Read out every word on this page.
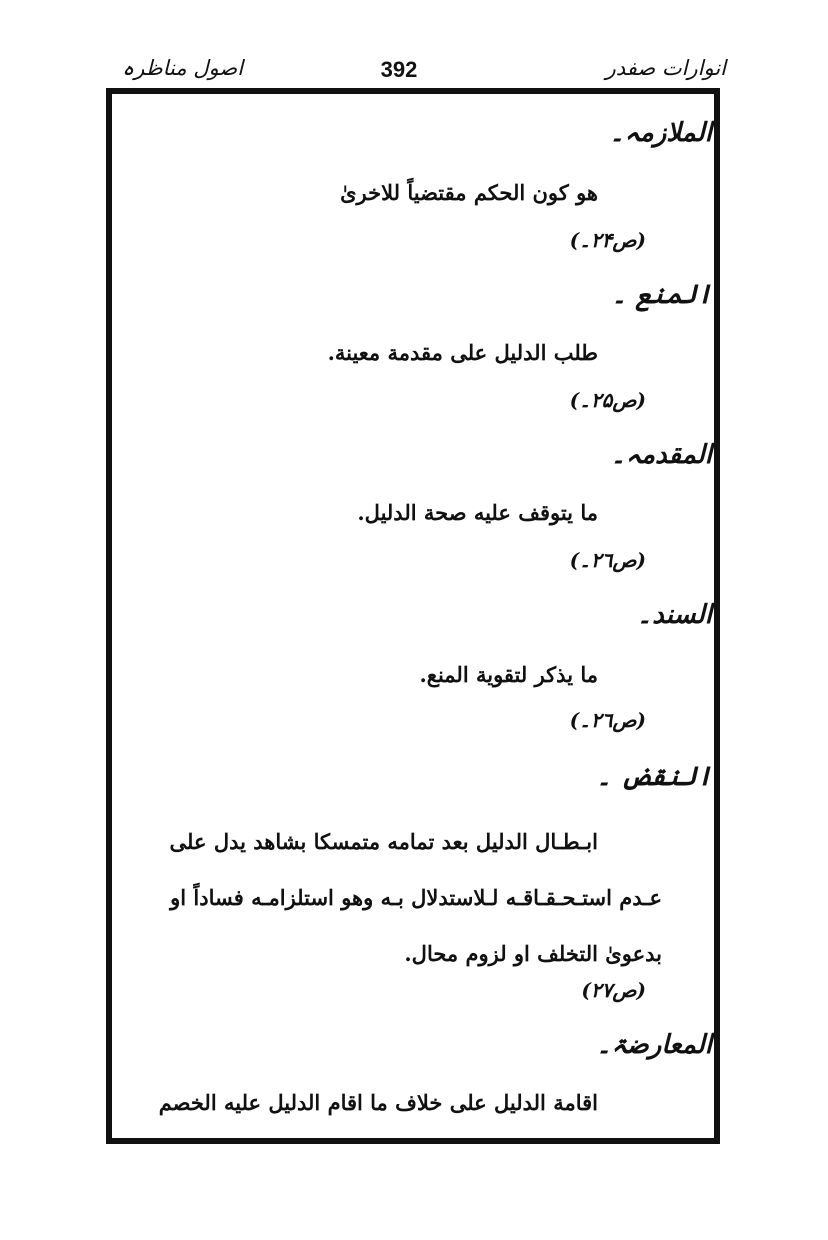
انوارات صفدر
392
اصول مناظرہ
الملازمہ۔
هو كون الحكم مقتضياً للاخرىٰ
(ص۲۴۔)
المنع ۔
طلب الدليل على مقدمة معينة.
(ص۲۵۔)
المقدمہ۔
ما يتوقف عليه صحة الدليل.
(ص۲٦۔)
السند۔
ما يذكر لتقوية المنع.
(ص۲٦۔)
النقض ۔
ابـطـال الدليل بعد تمامه متمسكا بشاهد يدل على
عـدم استـحـقـاقـه لـلاستدلال بـه وهو استلزامـه فساداً او
بدعوىٰ التخلف او لزوم محال.
(ص۲۷)
المعارضۃ۔
اقامة الدليل على خلاف ما اقام الدليل عليه الخصم
